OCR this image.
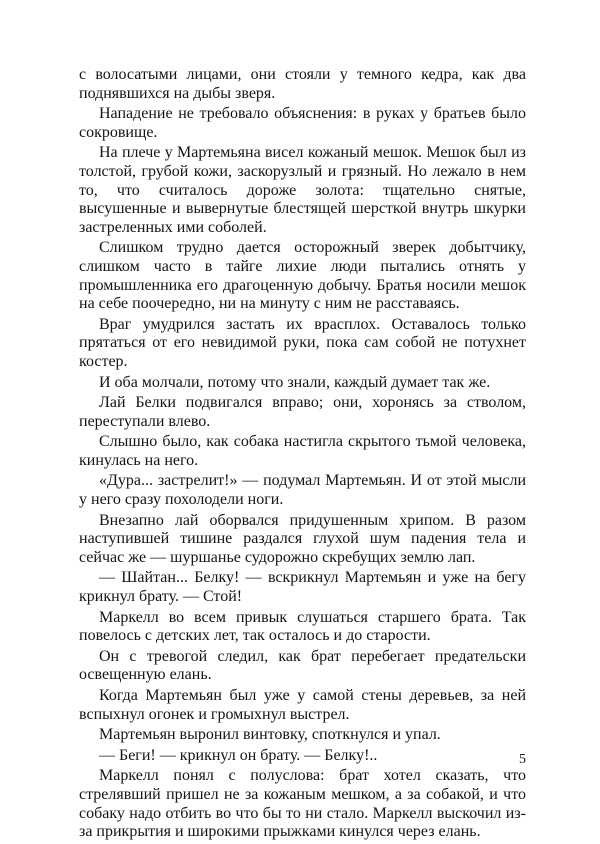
с волосатыми лицами, они стояли у темного кедра, как два поднявшихся на дыбы зверя.

Нападение не требовало объяснения: в руках у братьев было сокровище.

На плече у Мартемьяна висел кожаный мешок. Мешок был из толстой, грубой кожи, заскорузлый и грязный. Но лежало в нем то, что считалось дороже золота: тщательно снятые, высушенные и вывернутые блестящей шерсткой внутрь шкурки застреленных ими соболей.

Слишком трудно дается осторожный зверек добытчику, слишком часто в тайге лихие люди пытались отнять у промышленника его драгоценную добычу. Братья носили мешок на себе поочередно, ни на минуту с ним не расставаясь.

Враг умудрился застать их врасплох. Оставалось только прятаться от его невидимой руки, пока сам собой не потухнет костер.

И оба молчали, потому что знали, каждый думает так же.

Лай Белки подвигался вправо; они, хоронясь за стволом, переступали влево.

Слышно было, как собака настигла скрытого тьмой человека, кинулась на него.

«Дура... застрелит!» — подумал Мартемьян. И от этой мысли у него сразу похолодели ноги.

Внезапно лай оборвался придушенным хрипом. В разом наступившей тишине раздался глухой шум падения тела и сейчас же — шуршанье судорожно скребущих землю лап.

— Шайтан... Белку! — вскрикнул Мартемьян и уже на бегу крикнул брату. — Стой!

Маркелл во всем привык слушаться старшего брата. Так повелось с детских лет, так осталось и до старости.

Он с тревогой следил, как брат перебегает предательски освещенную елань.

Когда Мартемьян был уже у самой стены деревьев, за ней вспыхнул огонек и громыхнул выстрел.

Мартемьян выронил винтовку, споткнулся и упал.

— Беги! — крикнул он брату. — Белку!..

Маркелл понял с полуслова: брат хотел сказать, что стрелявший пришел не за кожаным мешком, а за собакой, и что собаку надо отбить во что бы то ни стало. Маркелл выскочил из-за прикрытия и широкими прыжками кинулся через елань.

5
